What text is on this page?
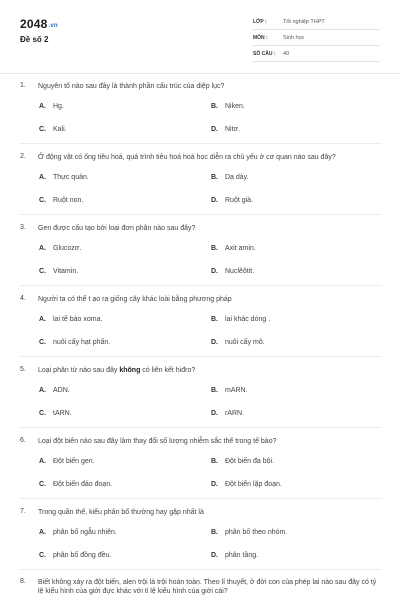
2048.vn
Đề số 2
LỚP :	Tốt nghiệp THPT
MÔN :	Sinh học
SỐ CÂU :	40
1.	Nguyên tố nào sau đây là thành phần cấu trúc của diệp lục?
A.	Hg.	B.	Niken.
C.	Kali.	D.	Nitơ.
2.	Ở động vật có ống tiêu hoá, quá trình tiêu hoá hoá học diễn ra chủ yếu ở cơ quan nào sau đây?
A.	Thực quản.	B.	Dạ dày.
C.	Ruột non.	D.	Ruột già.
3.	Gen được cấu tạo bởi loại đơn phân nào sau đây?
A.	Glucozơ.	B.	Axit amin.
C.	Vitamin.	D.	Nuclêôtit.
4.	Người ta có thể t ạo ra giống cây khác loài bằng phương pháp
A.	lai tế bào xoma.	B.	lai khác dòng .
C.	nuôi cấy hạt phấn.	D.	nuôi cấy mô.
5.	Loại phân tử nào sau đây không có liên kết hiđro?
A.	ADN.	B.	mARN.
C.	tARN.	D.	rARN.
6.	Loại đột biến nào sau đây làm thay đổi số lượng nhiễm sắc thể trong tế bào?
A.	Đột biến gen.	B.	Đột biến đa bội.
C.	Đột biến đảo đoạn.	D.	Đột biến lặp đoạn.
7.	Trong quần thể, kiểu phân bố thường hay gặp nhất là
A.	phân bố ngẫu nhiên.	B.	phân bố theo nhóm.
C.	phân bố đồng đều.	D.	phân tầng.
8.	Biết không xảy ra đột biến, alen trội là trội hoàn toàn. Theo lí thuyết, ở đời con của phép lai nào sau đây có tỷ lệ kiểu hình của giới đực khác với tỉ lệ kiểu hình của giới cái?
